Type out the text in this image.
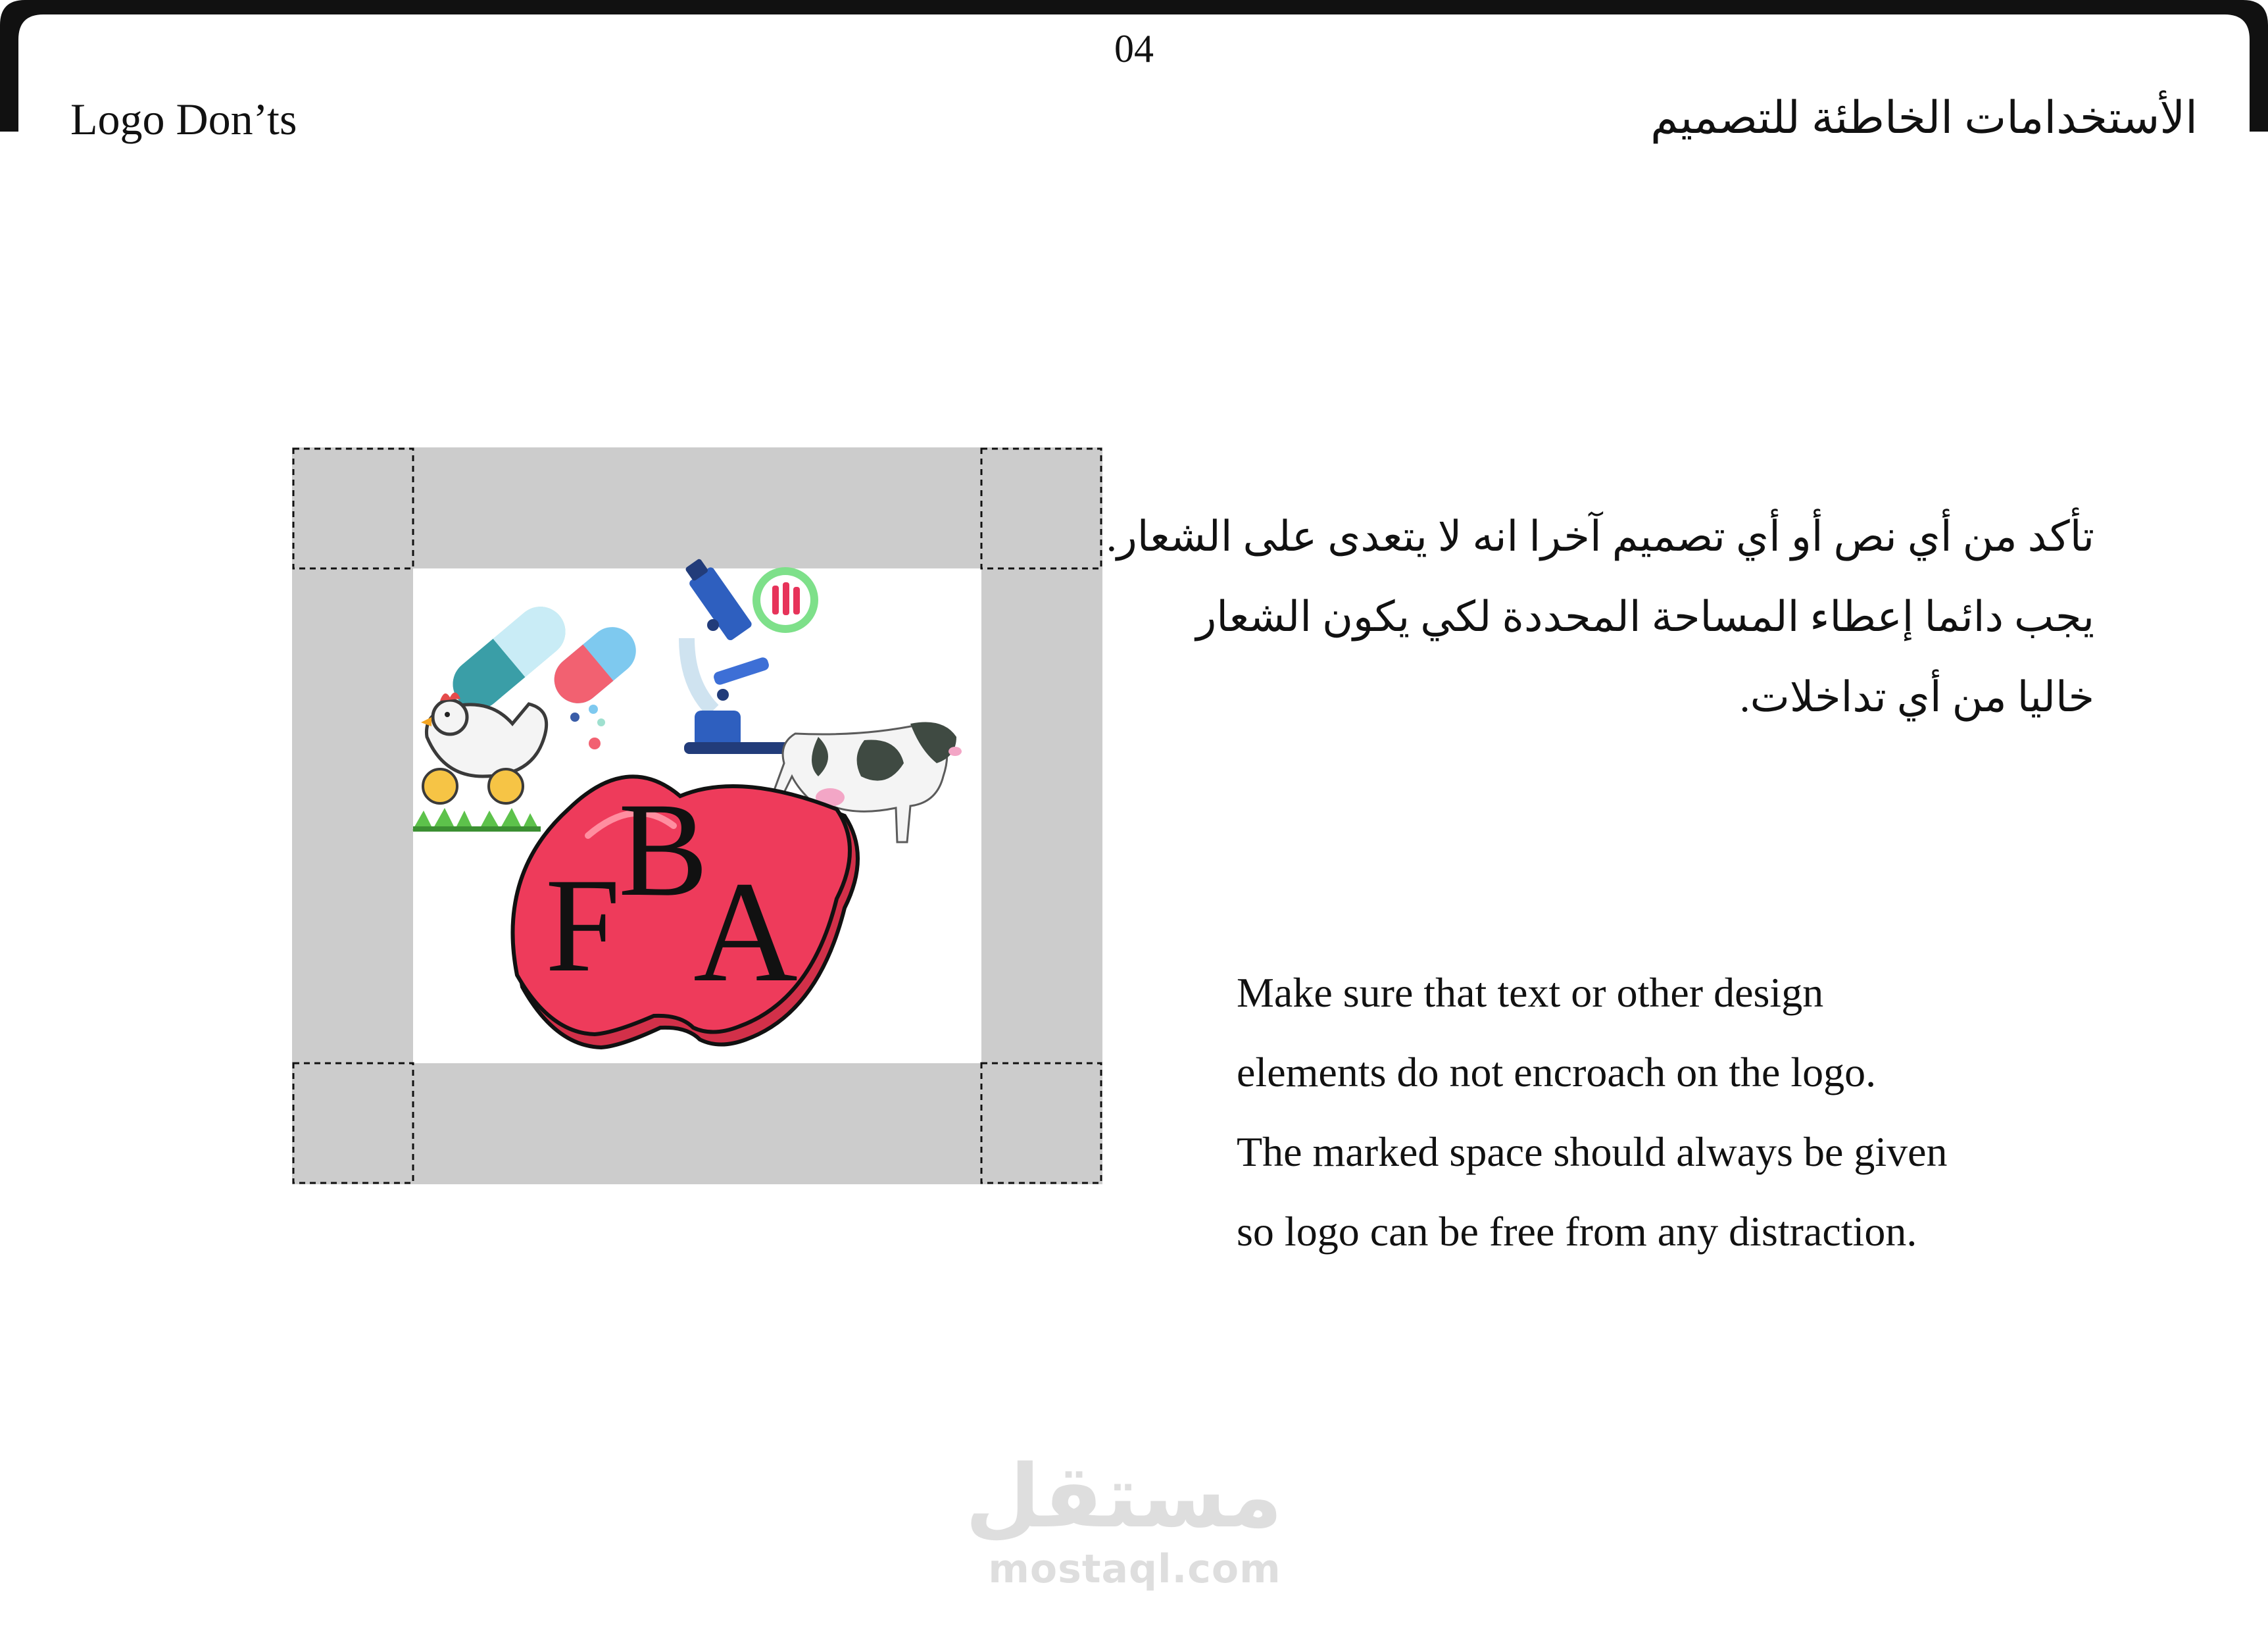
04
Logo Don’ts	الأستخدامات الخاطئة للتصميم
F
B
A
تأكد من أي نص أو أي تصميم آخرا انه لا يتعدى على الشعار.
يجب دائما إعطاء المساحة المحددة لكي يكون الشعار
خاليا من أي تداخلات.
Make sure that text or other design
elements do not encroach on the logo.
The marked space should always be given
so logo can be free from any distraction.
مستقل
mostaql.com
